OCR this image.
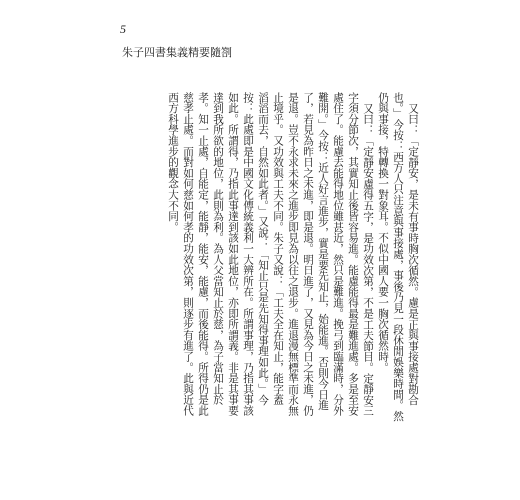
5
朱子四書集義精要隨劄

又曰：「定靜安，是未有事時胸次循然。慮是正與事接處對勘合也。」今按：西方人只注意與事接處，事後乃見一段休閒娛樂時間。然仍與事接，特轉換一對象耳。不似中國人要一胸次循然時。

又曰：「定靜安慮得五字，是功效次第，不是工夫節目。定靜安三字須分節次，其實知止後皆容易進。能慮能得最是難進處。多是至安處住了。能慮去能得地位雖甚近，然只是難進。挽弓到臨滿時，分外難開。」今按：近人好言進步，實是要先知止，始能進。否則今日進了，若見為昨日之未進，即是退。明日進了，又見為今日之未進，仍是退。豈不永求未來之進步即見為以往之退步。進退漫無標準而永無止境乎。又功效與工夫不同。朱子又說：「工夫全在知止，能字蓋

滔滔而去，自然如此者。」又說：「知止只是先知得事理如此。」今按：此處即是中國文化傳統義利一大辨所在。所謂事理，乃指其事該如此。所謂得，乃指此事達到該如此地位，亦即所謂義。非是其事要達到我所欲的地位，此則為利。為人父當知止於慈，為子當知止於孝。知一止處，自能定，能靜，能安，能慮，而後能得。所得仍是此慈孝止處。而對如何慈如何孝的功效次第，則逐步有進了。此與近代西方科學進步的觀念大不同。
